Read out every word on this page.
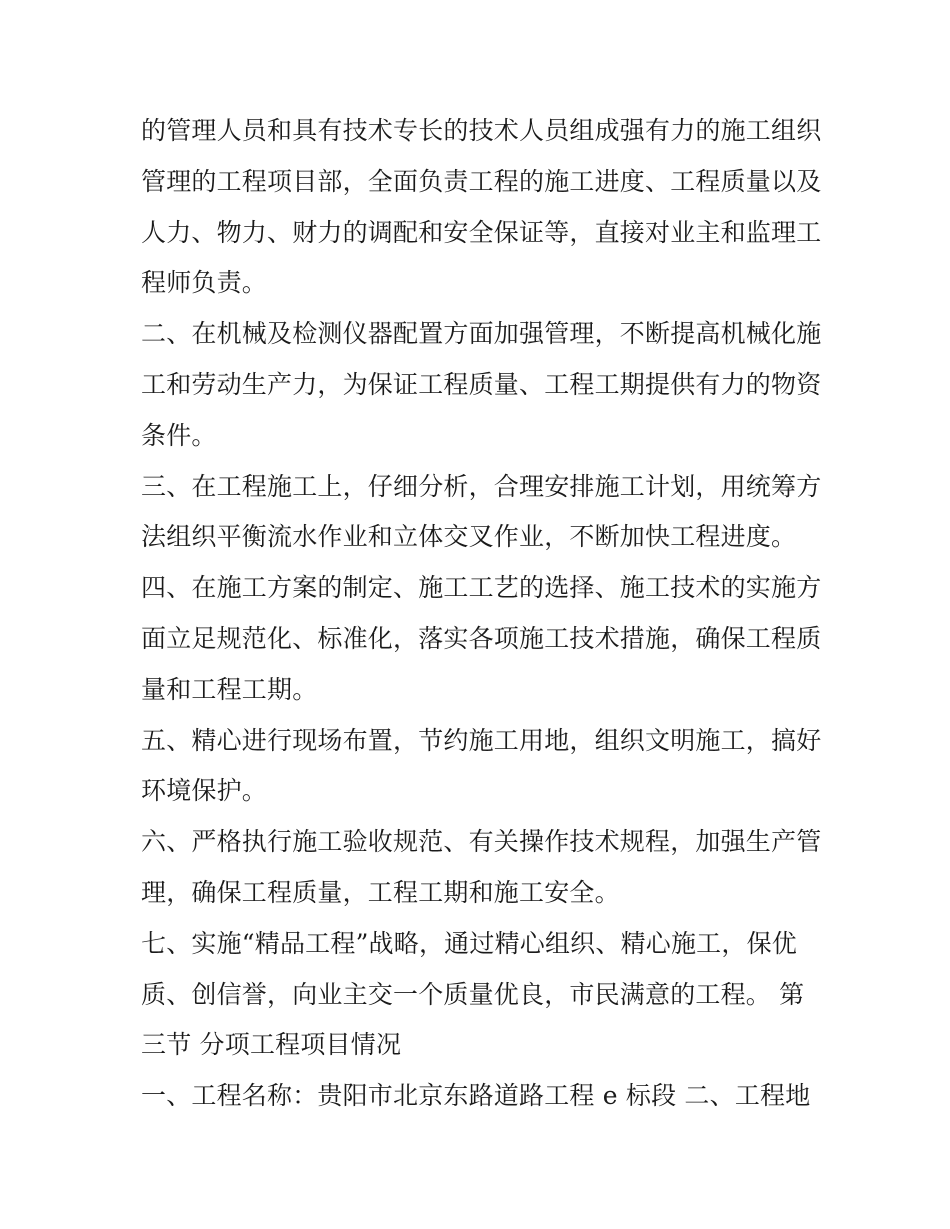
的管理人员和具有技术专长的技术人员组成强有力的施工组织
管理的工程项目部，全面负责工程的施工进度、工程质量以及
人力、物力、财力的调配和安全保证等，直接对业主和监理工
程师负责。
二、在机械及检测仪器配置方面加强管理，不断提高机械化施
工和劳动生产力，为保证工程质量、工程工期提供有力的物资
条件。
三、在工程施工上，仔细分析，合理安排施工计划，用统筹方
法组织平衡流水作业和立体交叉作业，不断加快工程进度。
四、在施工方案的制定、施工工艺的选择、施工技术的实施方
面立足规范化、标准化，落实各项施工技术措施，确保工程质
量和工程工期。
五、精心进行现场布置，节约施工用地，组织文明施工，搞好
环境保护。
六、严格执行施工验收规范、有关操作技术规程，加强生产管
理，确保工程质量，工程工期和施工安全。
七、实施“精品工程”战略，通过精心组织、精心施工，保优
质、创信誉，向业主交一个质量优良，市民满意的工程。 第
三节 分项工程项目情况
一、工程名称：贵阳市北京东路道路工程 e 标段 二、工程地
